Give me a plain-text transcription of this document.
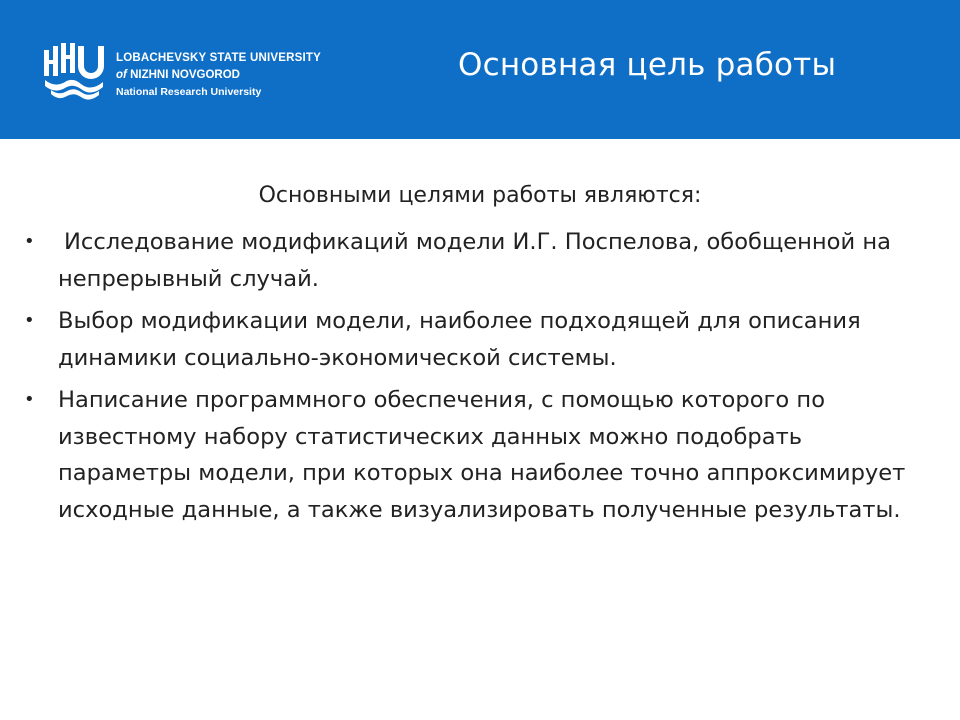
LOBACHEVSKY STATE UNIVERSITY
of NIZHNI NOVGOROD
National Research University
Основная цель работы
Основными целями работы являются:
• Исследование модификаций модели И.Г. Поспелова, обобщенной на непрерывный случай.
• Выбор модификации модели, наиболее подходящей для описания динамики социально-экономической системы.
• Написание программного обеспечения, с помощью которого по известному набору статистических данных можно подобрать параметры модели, при которых она наиболее точно аппроксимирует исходные данные, а также визуализировать полученные результаты.
